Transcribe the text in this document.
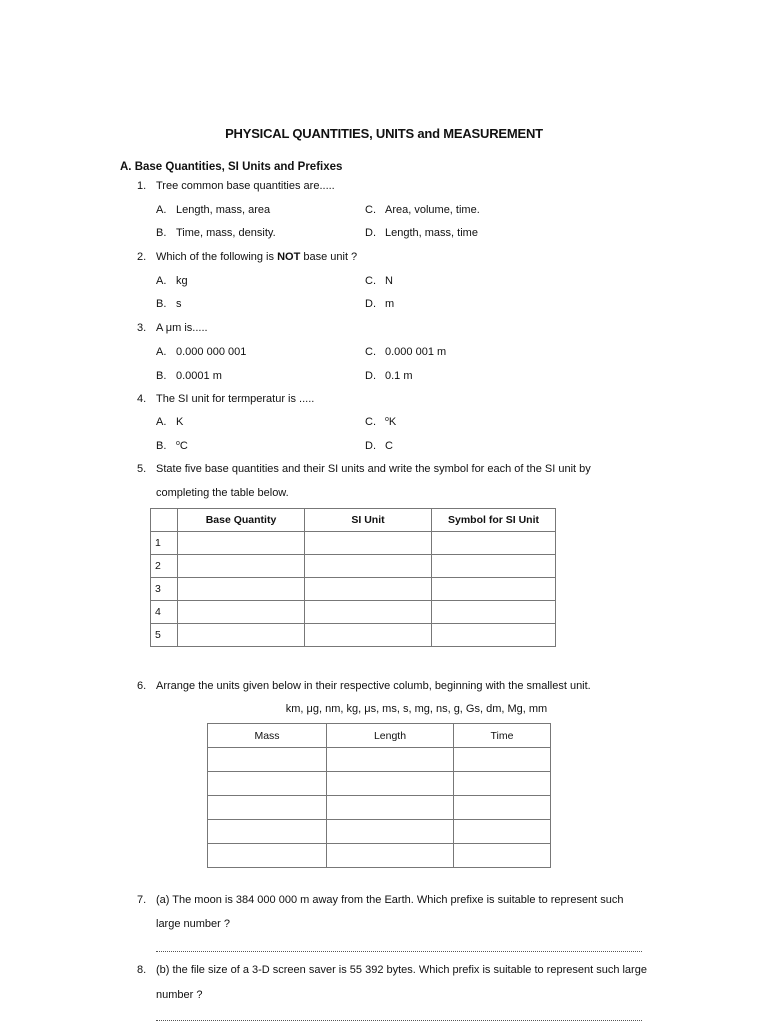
PHYSICAL QUANTITIES, UNITS and MEASUREMENT
A. Base Quantities, SI Units and Prefixes
1. Tree common base quantities are.....
A. Length, mass, area	C. Area, volume, time.
B. Time, mass, density.	D. Length, mass, time
2. Which of the following is NOT base unit ?
A. kg	C. N
B. s	D. m
3. A μm is.....
A. 0.000 000 001	C. 0.000 001 m
B. 0.0001 m	D. 0.1 m
4. The SI unit for termperatur is .....
A. K	C. $^o$K
B. $^o$C	D. C
5. State five base quantities and their SI units and write the symbol for each of the SI unit by
completing the table below.
	Base Quantity	SI Unit	Symbol for SI Unit
1			
2			
3			
4			
5			
6. Arrange the units given below in their respective columb, beginning with the smallest unit.
km, μg, nm, kg, μs, ms, s, mg, ns, g, Gs, dm, Mg, mm
Mass	Length	Time

7. (a) The moon is 384 000 000 m away from the Earth. Which prefixe is suitable to represent such
large number ?
8. (b) the file size of a 3-D screen saver is 55 392 bytes. Which prefix is suitable to represent such large
number ?
